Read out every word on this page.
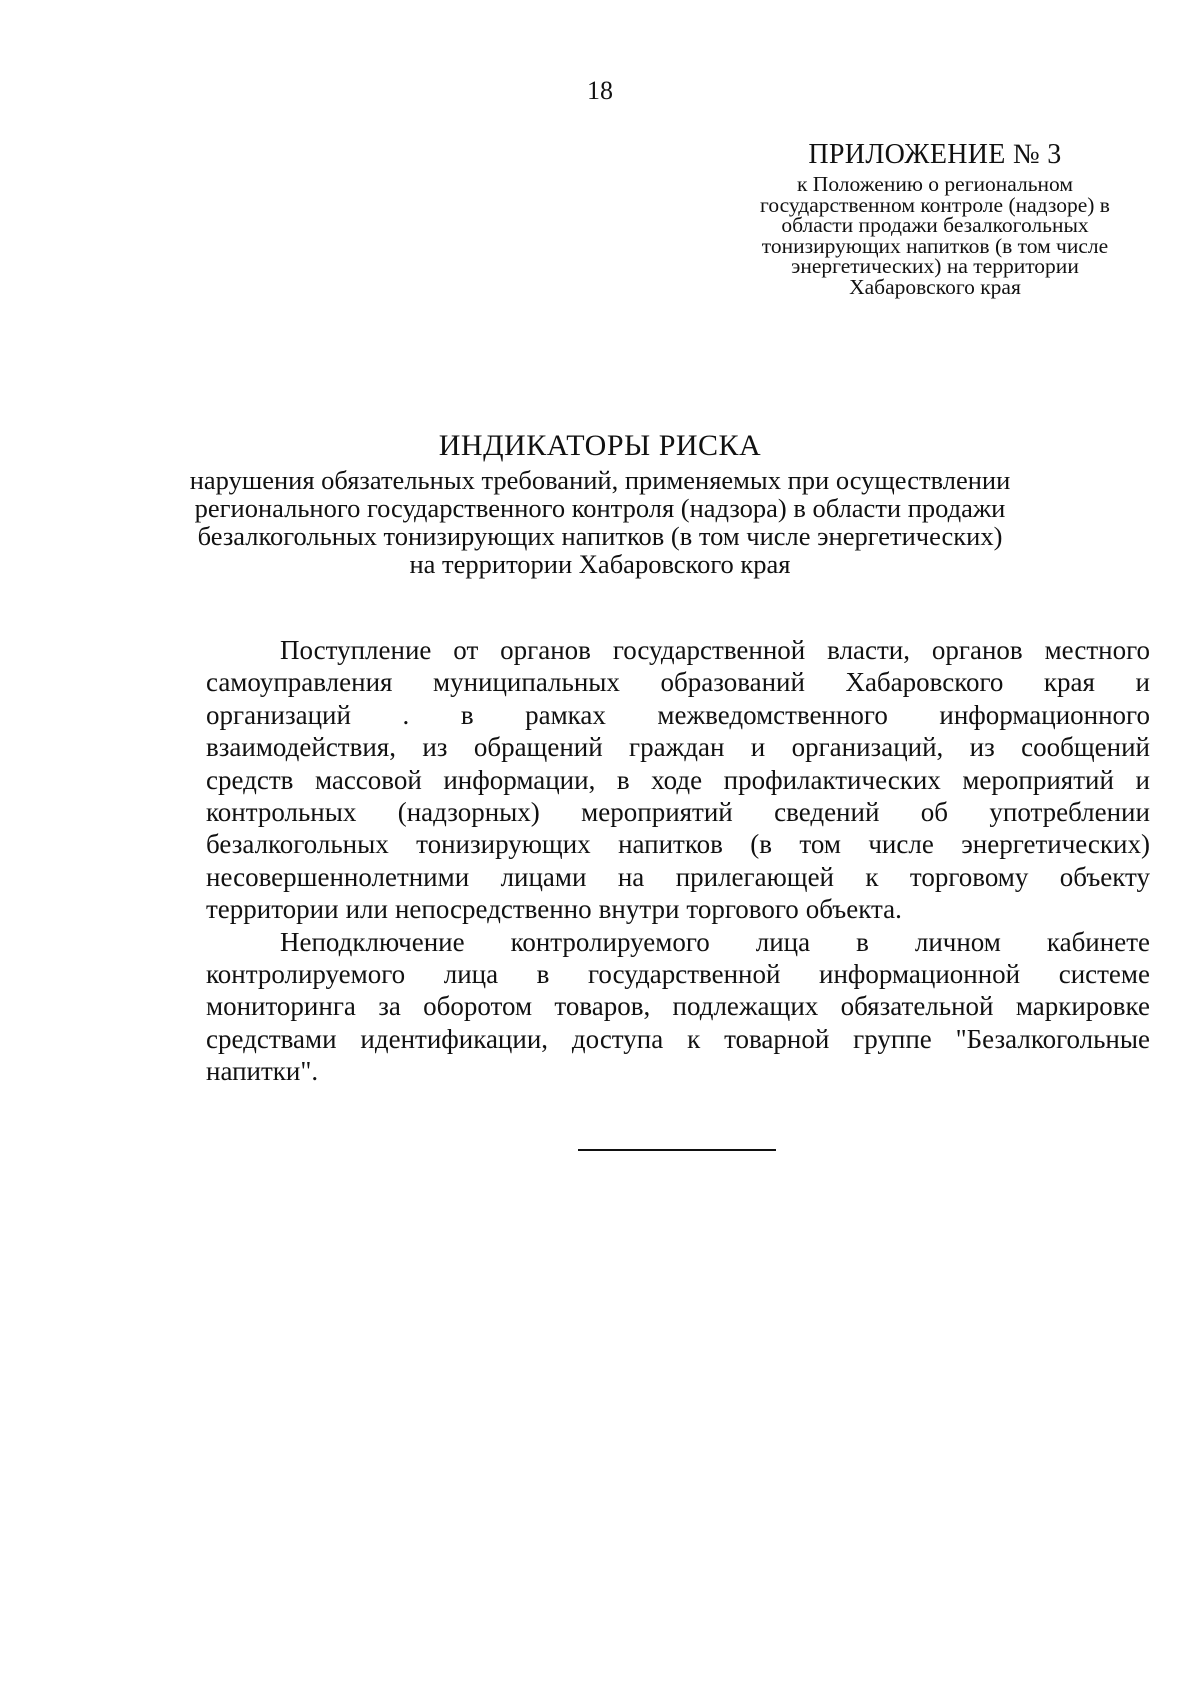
18
ПРИЛОЖЕНИЕ № 3
к Положению о региональном
государственном контроле (надзоре) в
области продажи безалкогольных
тонизирующих напитков (в том числе
энергетических) на территории
Хабаровского края
ИНДИКАТОРЫ РИСКА
нарушения обязательных требований, применяемых при осуществлении
регионального государственного контроля (надзора) в области продажи
безалкогольных тонизирующих напитков (в том числе энергетических)
на территории Хабаровского края
Поступление от органов государственной власти, органов местного
самоуправления муниципальных образований Хабаровского края и
организаций . в рамках межведомственного информационного
взаимодействия, из обращений граждан и организаций, из сообщений
средств массовой информации, в ходе профилактических мероприятий и
контрольных (надзорных) мероприятий сведений об употреблении
безалкогольных тонизирующих напитков (в том числе энергетических)
несовершеннолетними лицами на прилегающей к торговому объекту
территории или непосредственно внутри торгового объекта.
Неподключение контролируемого лица в личном кабинете
контролируемого лица в государственной информационной системе
мониторинга за оборотом товаров, подлежащих обязательной маркировке
средствами идентификации, доступа к товарной группе "Безалкогольные
напитки".
